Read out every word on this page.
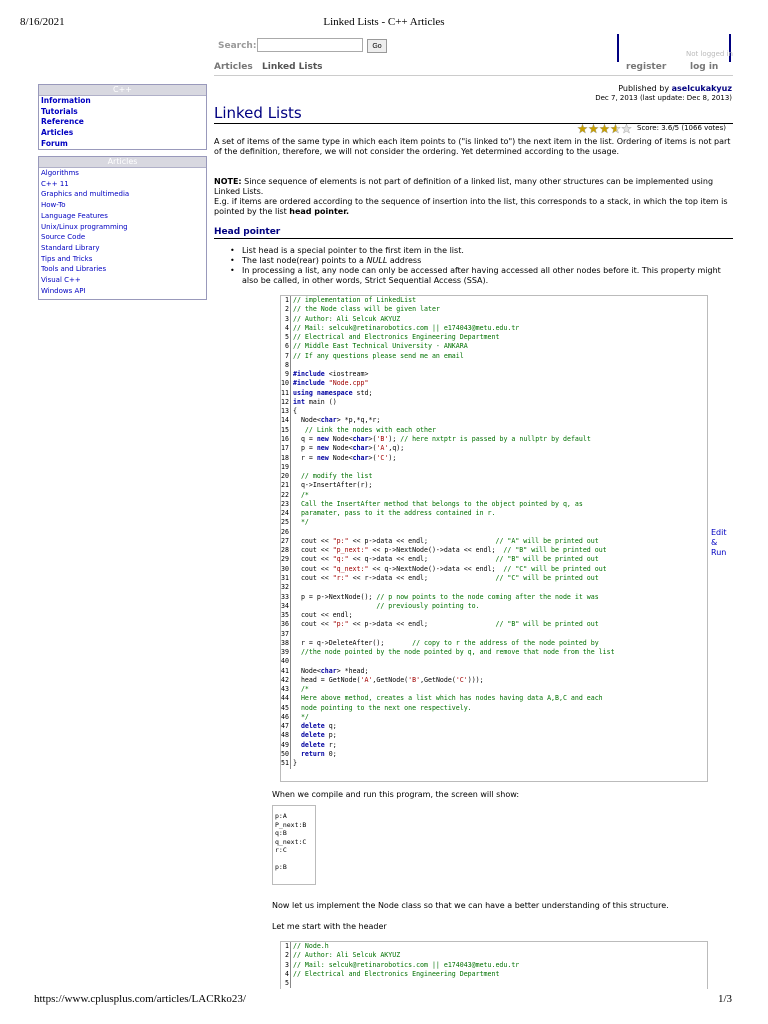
8/16/2021	Linked Lists - C++ Articles
Search:	Go
Not logged in
Articles Linked Lists	register	log in
C++
Information
Tutorials
Reference
Articles
Forum
Articles
Algorithms
C++ 11
Graphics and multimedia
How-To
Language Features
Unix/Linux programming
Source Code
Standard Library
Tips and Tricks
Tools and Libraries
Visual C++
Windows API
Published by aselcukakyuz
Dec 7, 2013 (last update: Dec 8, 2013)
Linked Lists
Score: 3.6/5 (1066 votes)
A set of items of the same type in which each item points to ("is linked to") the next item in the list. Ordering of items is not part of the definition, therefore, we will not consider the ordering. Yet determined according to the usage.
NOTE: Since sequence of elements is not part of definition of a linked list, many other structures can be implemented using Linked Lists.
E.g. if items are ordered according to the sequence of insertion into the list, this corresponds to a stack, in which the top item is pointed by the list head pointer.
Head pointer
• List head is a special pointer to the first item in the list.
• The last node(rear) points to a NULL address
• In processing a list, any node can only be accessed after having accessed all other nodes before it. This property might also be called, in other words, Strict Sequential Access (SSA).
1 // implementation of LinkedList
2 // the Node class will be given later
3 // Author: Ali Selcuk AKYUZ
4 // Mail: selcuk@retinarobotics.com || e174043@metu.edu.tr
5 // Electrical and Electronics Engineering Department
6 // Middle East Technical University - ANKARA
7 // If any questions please send me an email
8
9 #include <iostream>
10 #include "Node.cpp"
11 using namespace std;
12 int main ()
13 {
14  Node<char> *p,*q,*r;
15 // Link the nodes with each other
16  q = new Node<char>('B'); // here nxtptr is passed by a nullptr by default
17  p = new Node<char>('A',q);
18  r = new Node<char>('C');
19
20 // modify the list
21  q->InsertAfter(r);
22  /*
23  Call the InsertAfter method that belongs to the object pointed by q, as
24  paramater, pass to it the address contained in r.
25  */
26
27  cout << "p:" << p->data << endl;                 // "A" will be printed out
28  cout << "p_next:" << p->NextNode()->data << endl;  // "B" will be printed out
29  cout << "q:" << q->data << endl;                 // "B" will be printed out
30  cout << "q_next:" << q->NextNode()->data << endl;  // "C" will be printed out
31  cout << "r:" << r->data << endl;                 // "C" will be printed out
32
33  p = p->NextNode(); // p now points to the node coming after the node it was
34	// previously pointing to.
35  cout << endl;
36  cout << "p:" << p->data << endl;                 // "B" will be printed out
37
38  r = q->DeleteAfter();       // copy to r the address of the node pointed by
39 //the node pointed by the node pointed by q, and remove that node from the list
40
41  Node<char> *head;
42  head = GetNode('A',GetNode('B',GetNode('C')));
43  /*
44  Here above method, creates a list which has nodes having data A,B,C and each
45  node pointing to the next one respectively.
46  */
47 delete q;
48 delete p;
49 delete r;
50 return 0;
51 }
Edit & Run
When we compile and run this program, the screen will show:
p:A
P_next:B
q:B
q_next:C
r:C

p:B
Now let us implement the Node class so that we can have a better understanding of this structure.
Let me start with the header
1 // Node.h
2 // Author: Ali Selcuk AKYUZ
3 // Mail: selcuk@retinarobotics.com || e174043@metu.edu.tr
4 // Electrical and Electronics Engineering Department
5
https://www.cplusplus.com/articles/LACRko23/	1/3
